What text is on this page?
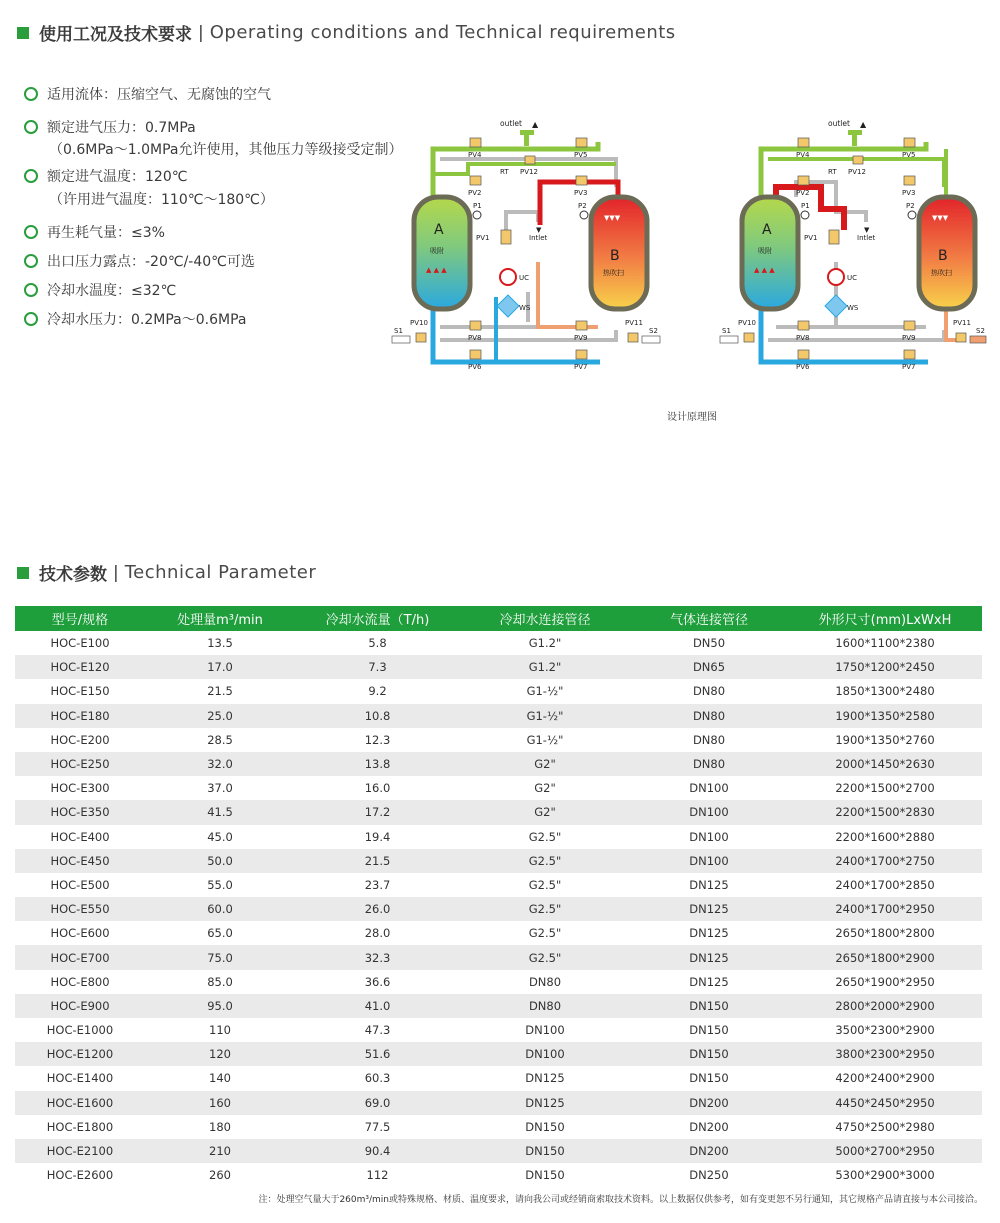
使用工况及技术要求 | Operating conditions and Technical requirements
适用流体：压缩空气、无腐蚀的空气
额定进气压力：0.7MPa
（0.6MPa～1.0MPa允许使用，其他压力等级接受定制）
额定进气温度：120℃
（许用进气温度：110℃～180℃）
再生耗气量：≤3%
出口压力露点：-20℃/-40℃可选
冷却水温度：≤32℃
冷却水压力：0.2MPa～0.6MPa
outlet ▲
A
吸附
▲ ▲ ▲
B
热吹扫
▼▼▼
P1	P2
UC
WS
Intlet
▼
PV4	PV5
PV2	PV3
RT PV12
PV1
PV8	PV9
PV6	PV7
PV10	PV11
S1	S2
outlet ▲
A
吸附
▲ ▲ ▲
B
热吹扫
▼▼▼
P1	P2
UC
WS
Intlet
▼
PV4	PV5
PV2	PV3
RT PV12
PV1
PV8	PV9
PV6	PV7
PV10	PV11
S1	S2
设计原理图
技术参数 | Technical Parameter
型号/规格	处理量m³/min	冷却水流量（T/h)	冷却水连接管径	气体连接管径	外形尺寸(mm)LxWxH
HOC-E100	13.5	5.8	G1.2"	DN50	1600*1100*2380
HOC-E120	17.0	7.3	G1.2"	DN65	1750*1200*2450
HOC-E150	21.5	9.2	G1-½"	DN80	1850*1300*2480
HOC-E180	25.0	10.8	G1-½"	DN80	1900*1350*2580
HOC-E200	28.5	12.3	G1-½"	DN80	1900*1350*2760
HOC-E250	32.0	13.8	G2"	DN80	2000*1450*2630
HOC-E300	37.0	16.0	G2"	DN100	2200*1500*2700
HOC-E350	41.5	17.2	G2"	DN100	2200*1500*2830
HOC-E400	45.0	19.4	G2.5"	DN100	2200*1600*2880
HOC-E450	50.0	21.5	G2.5"	DN100	2400*1700*2750
HOC-E500	55.0	23.7	G2.5"	DN125	2400*1700*2850
HOC-E550	60.0	26.0	G2.5"	DN125	2400*1700*2950
HOC-E600	65.0	28.0	G2.5"	DN125	2650*1800*2800
HOC-E700	75.0	32.3	G2.5"	DN125	2650*1800*2900
HOC-E800	85.0	36.6	DN80	DN125	2650*1900*2950
HOC-E900	95.0	41.0	DN80	DN150	2800*2000*2900
HOC-E1000	110	47.3	DN100	DN150	3500*2300*2900
HOC-E1200	120	51.6	DN100	DN150	3800*2300*2950
HOC-E1400	140	60.3	DN125	DN150	4200*2400*2900
HOC-E1600	160	69.0	DN125	DN200	4450*2450*2950
HOC-E1800	180	77.5	DN150	DN200	4750*2500*2980
HOC-E2100	210	90.4	DN150	DN200	5000*2700*2950
HOC-E2600	260	112	DN150	DN250	5300*2900*3000
注：处理空气量大于260m³/min或特殊规格、材质、温度要求，请向我公司或经销商索取技术资料。以上数据仅供参考，如有变更恕不另行通知，其它规格产品请直接与本公司接洽。
